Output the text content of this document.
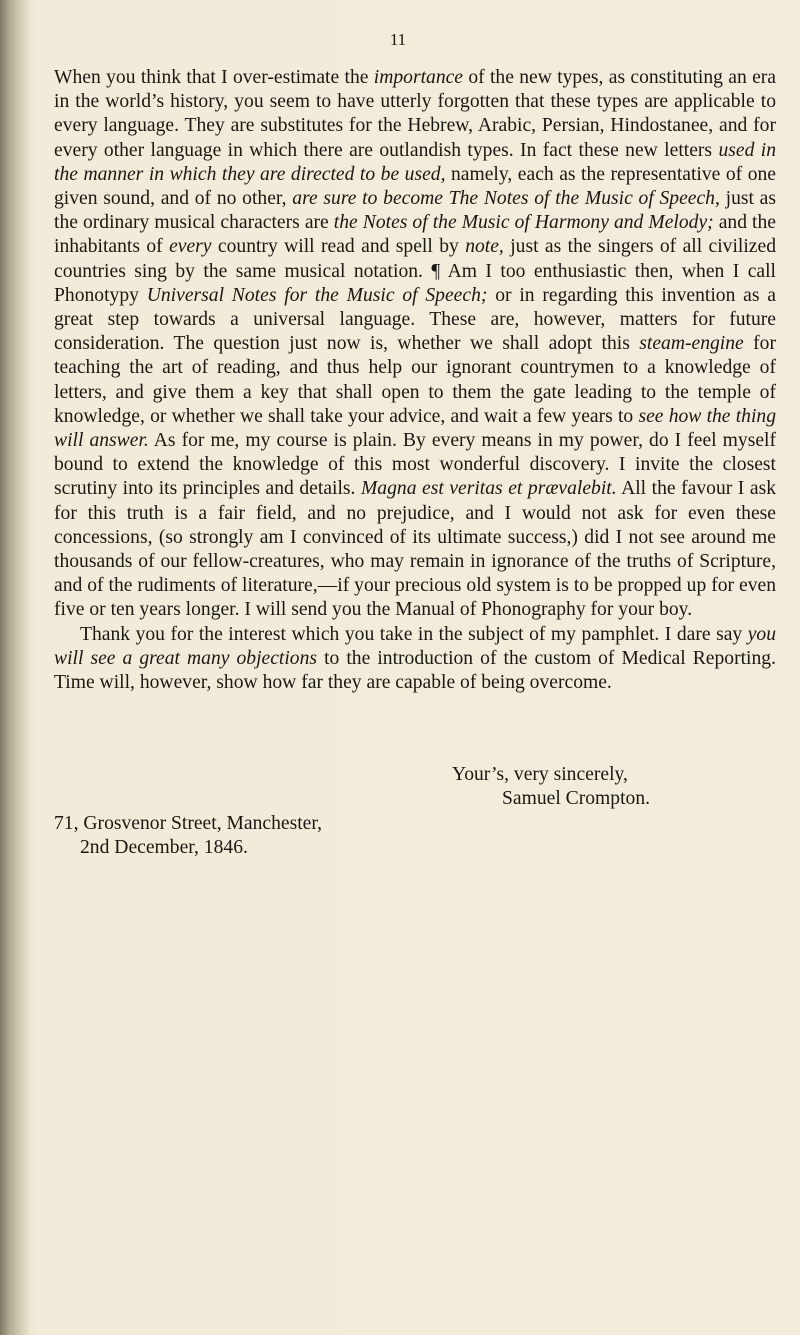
11

When you think that I over-estimate the importance of the new types, as constituting an era in the world’s history, you seem to have utterly forgotten that these types are applicable to every language. They are substitutes for the Hebrew, Arabic, Persian, Hindostanee, and for every other language in which there are outlandish types. In fact these new letters used in the manner in which they are directed to be used, namely, each as the representative of one given sound, and of no other, are sure to become The Notes of the Music of Speech, just as the ordinary musical characters are the Notes of the Music of Harmony and Melody; and the inhabitants of every country will read and spell by note, just as the singers of all civilized countries sing by the same musical notation. ¶ Am I too enthusiastic then, when I call Phonotypy Universal Notes for the Music of Speech; or in regarding this invention as a great step towards a universal language. These are, however, matters for future consideration. The question just now is, whether we shall adopt this steam-engine for teaching the art of reading, and thus help our ignorant countrymen to a knowledge of letters, and give them a key that shall open to them the gate leading to the temple of knowledge, or whether we shall take your advice, and wait a few years to see how the thing will answer. As for me, my course is plain. By every means in my power, do I feel myself bound to extend the knowledge of this most wonderful discovery. I invite the closest scrutiny into its principles and details. Magna est veritas et prævalebit. All the favour I ask for this truth is a fair field, and no prejudice, and I would not ask for even these concessions, (so strongly am I convinced of its ultimate success,) did I not see around me thousands of our fellow-creatures, who may remain in ignorance of the truths of Scripture, and of the rudiments of literature,—if your precious old system is to be propped up for even five or ten years longer. I will send you the Manual of Phonography for your boy.

Thank you for the interest which you take in the subject of my pamphlet. I dare say you will see a great many objections to the introduction of the custom of Medical Reporting. Time will, however, show how far they are capable of being overcome.

Your’s, very sincerely,
Samuel Crompton.
71, Grosvenor Street, Manchester,
2nd December, 1846.
